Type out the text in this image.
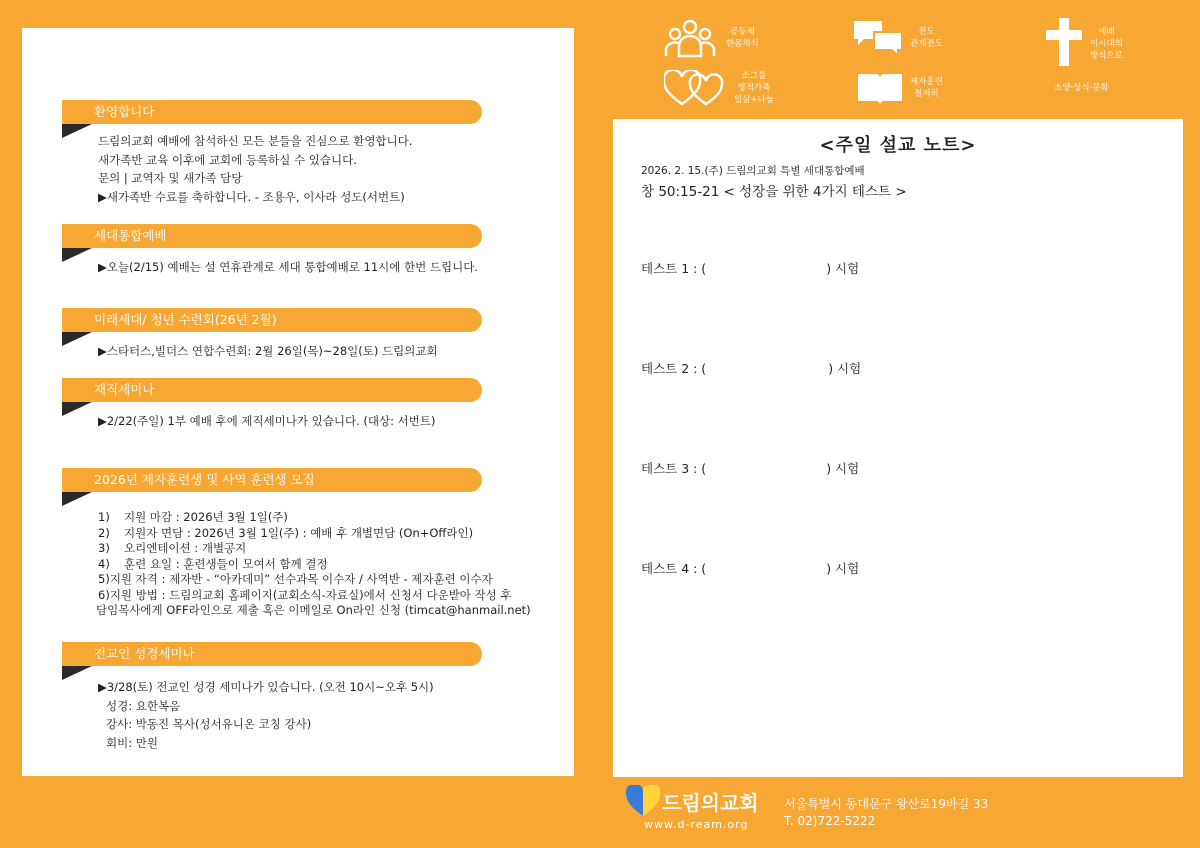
환영합니다
드림의교회 예배에 참석하신 모든 분들을 진심으로 환영합니다.
새가족반 교육 이후에 교회에 등록하실 수 있습니다.
문의 | 교역자 및 새가족 담당
▶새가족반 수료를 축하합니다. - 조용우, 이사라 성도(서번트)
세대통합예배
▶오늘(2/15) 예배는 설 연휴관계로 세대 통합예배로 11시에 한번 드립니다.
미래세대/ 청년 수련회(26년 2월)
▶스타터스,빌더스 연합수련회: 2월 26일(목)~28일(토) 드림의교회
재직세미나
▶2/22(주일) 1부 예배 후에 제직세미나가 있습니다. (대상: 서번트)
2026년 제자훈련생 및 사역 훈련생 모집
1)	지원 마감 : 2026년 3월 1일(주)
2)	지원자 면담 : 2026년 3월 1일(주) : 예배 후 개별면담 (On+Off라인)
3)	오리엔테이션 : 개별공지
4)	훈련 요일 : 훈련생들이 모여서 함께 결정
5) 지원 자격 : 제자반 - “아카데미” 선수과목 이수자 / 사역반 - 제자훈련 이수자
6) 지원 방법 : 드림의교회 홈페이지(교회소식-자료실)에서 신청서 다운받아 작성 후
담임목사에게 OFF라인으로 제출 혹은 이메일로 On라인 신청 (timcat@hanmail.net)
전교인 성경세미나
▶3/28(토) 전교인 성경 세미나가 있습니다. (오전 10시~오후 5시)
성경: 요한복음
강사: 박동진 목사(성서유니온 코칭 강사)
회비: 만원
공동체
한몸의식
전도
관계전도
예배
이시대의
방식으로
소그룹
영적가족
일삶+나눔
제자훈련
철저히
소양·상식·문화
<주일 설교 노트>
2026. 2. 15.(주) 드림의교회 특별 세대통합예배
창 50:15-21 < 성장을 위한 4가지 테스트 >
테스트 1 : (	) 시험
테스트 2 : (	) 시험
테스트 3 : (	) 시험
테스트 4 : (	) 시험
드림의교회
www.d-ream.org
서울특별시 동대문구 왕산로19바길 33
T. 02)722-5222
